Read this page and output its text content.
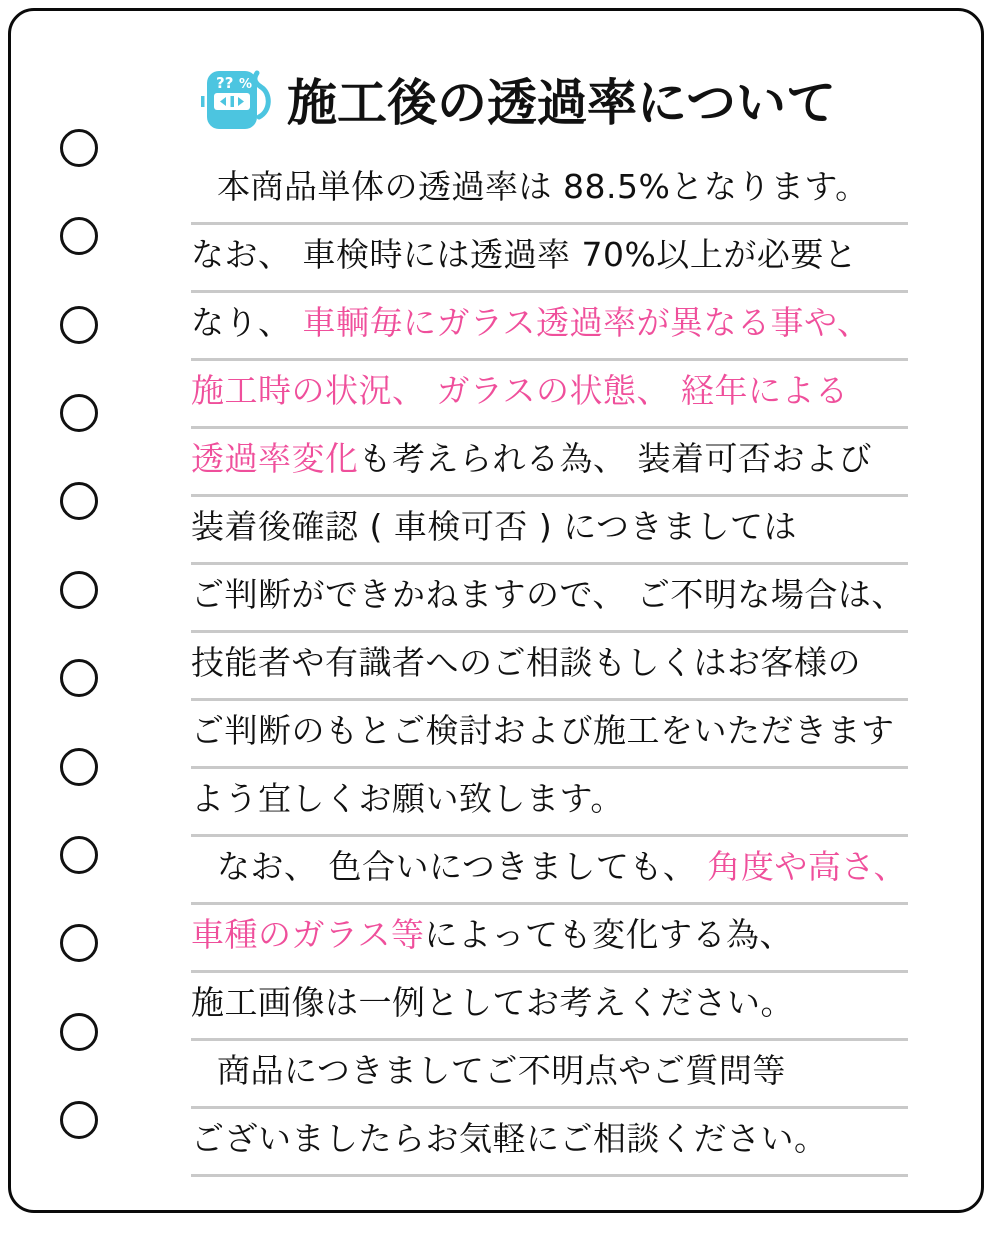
?? % 施工後の透過率について
本商品単体の透過率は 88.5%となります。
なお、 車検時には透過率 70%以上が必要と
なり、 車輌毎にガラス透過率が異なる事や、
施工時の状況、 ガラスの状態、 経年による
透過率変化も考えられる為、 装着可否および
装着後確認 ( 車検可否 ) につきましては
ご判断ができかねますので、 ご不明な場合は、
技能者や有識者へのご相談もしくはお客様の
ご判断のもとご検討および施工をいただきます
よう宜しくお願い致します。
なお、 色合いにつきましても、 角度や高さ、
車種のガラス等によっても変化する為、
施工画像は一例としてお考えください。
商品につきましてご不明点やご質問等
ございましたらお気軽にご相談ください。
